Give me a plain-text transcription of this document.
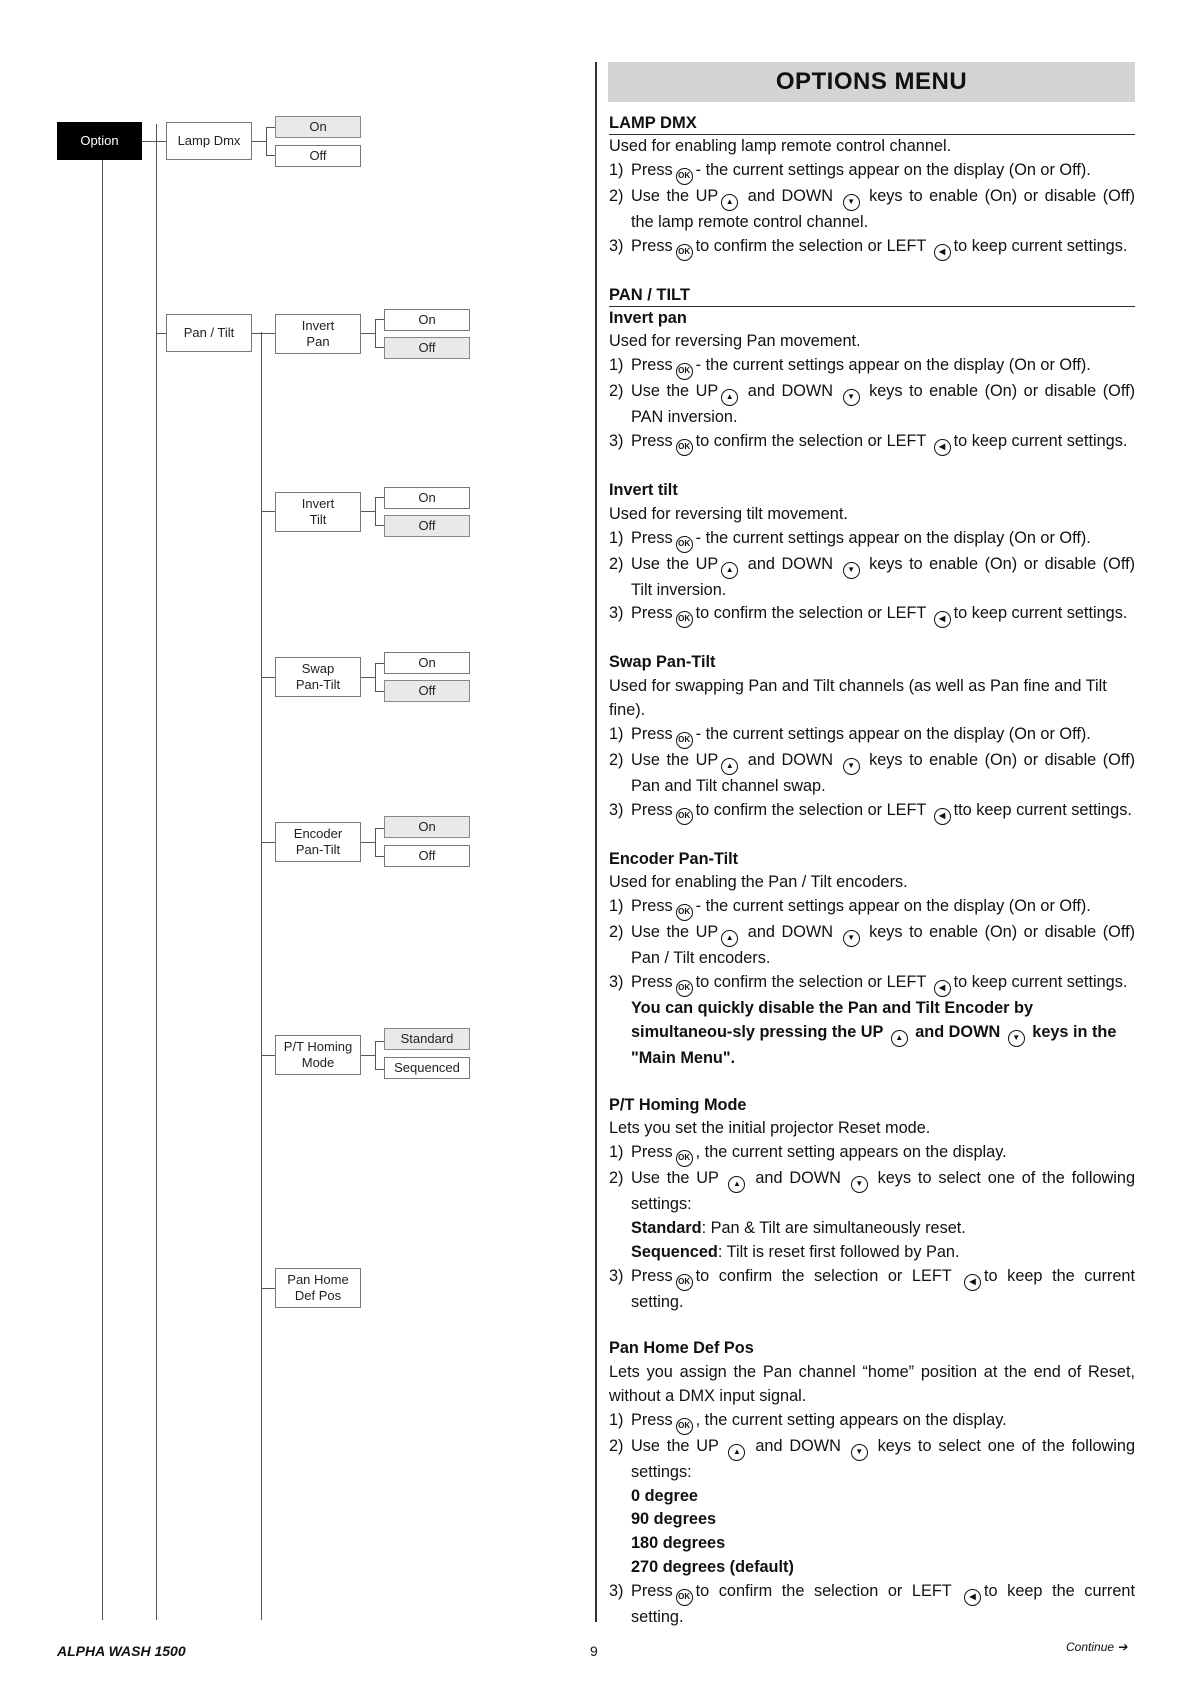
Option	Lamp Dmx
On
Off
Pan / Tilt	Invert
Pan
On
Off
Invert
Tilt
On
Off
Swap
Pan-Tilt
On
Off
Encoder
Pan-Tilt
On
Off
P/T Homing
Mode
Standard
Sequenced
Pan Home
Def Pos
OPTIONS MENU
LAMP DMX
Used for enabling lamp remote control channel.
1) Press OK - the current settings appear on the display (On or Off).
2) Use the UP ▲ and DOWN ▼ keys to enable (On) or disable (Off) the lamp remote control channel.
3) Press OK to confirm the selection or LEFT ◀ to keep current settings.
PAN / TILT
Invert pan
Used for reversing Pan movement.
1) Press OK - the current settings appear on the display (On or Off).
2) Use the UP ▲ and DOWN ▼ keys to enable (On) or disable (Off) PAN inversion.
3) Press OK to confirm the selection or LEFT ◀ to keep current settings.
Invert tilt
Used for reversing tilt movement.
1) Press OK - the current settings appear on the display (On or Off).
2) Use the UP ▲ and DOWN ▼ keys to enable (On) or disable (Off) Tilt inversion.
3) Press OK to confirm the selection or LEFT ◀ to keep current settings.
Swap Pan-Tilt
Used for swapping Pan and Tilt channels (as well as Pan fine and Tilt fine).
1) Press OK - the current settings appear on the display (On or Off).
2) Use the UP ▲ and DOWN ▼ keys to enable (On) or disable (Off) Pan and Tilt channel swap.
3) Press OK to confirm the selection or LEFT ◀ tto keep current settings.
Encoder Pan-Tilt
Used for enabling the Pan / Tilt encoders.
1) Press OK - the current settings appear on the display (On or Off).
2) Use the UP ▲ and DOWN ▼ keys to enable (On) or disable (Off) Pan / Tilt encoders.
3) Press OK to confirm the selection or LEFT ◀ to keep current settings.
You can quickly disable the Pan and Tilt Encoder by simultaneou-sly pressing the UP ▲ and DOWN ▼ keys in the "Main Menu".
P/T Homing Mode
Lets you set the initial projector Reset mode.
1) Press OK , the current setting appears on the display.
2) Use the UP ▲ and DOWN ▼ keys to select one of the following settings:
Standard: Pan & Tilt are simultaneously reset.
Sequenced: Tilt is reset first followed by Pan.
3) Press OK to confirm the selection or LEFT ◀ to keep the current setting.
Pan Home Def Pos
Lets you assign the Pan channel “home” position at the end of Reset, without a DMX input signal.
1) Press OK , the current setting appears on the display.
2) Use the UP ▲ and DOWN ▼ keys to select one of the following settings:
0 degree
90 degrees
180 degrees
270 degrees (default)
3) Press OK to confirm the selection or LEFT ◀ to keep the current setting.
ALPHA WASH 1500	9	Continue ➔
